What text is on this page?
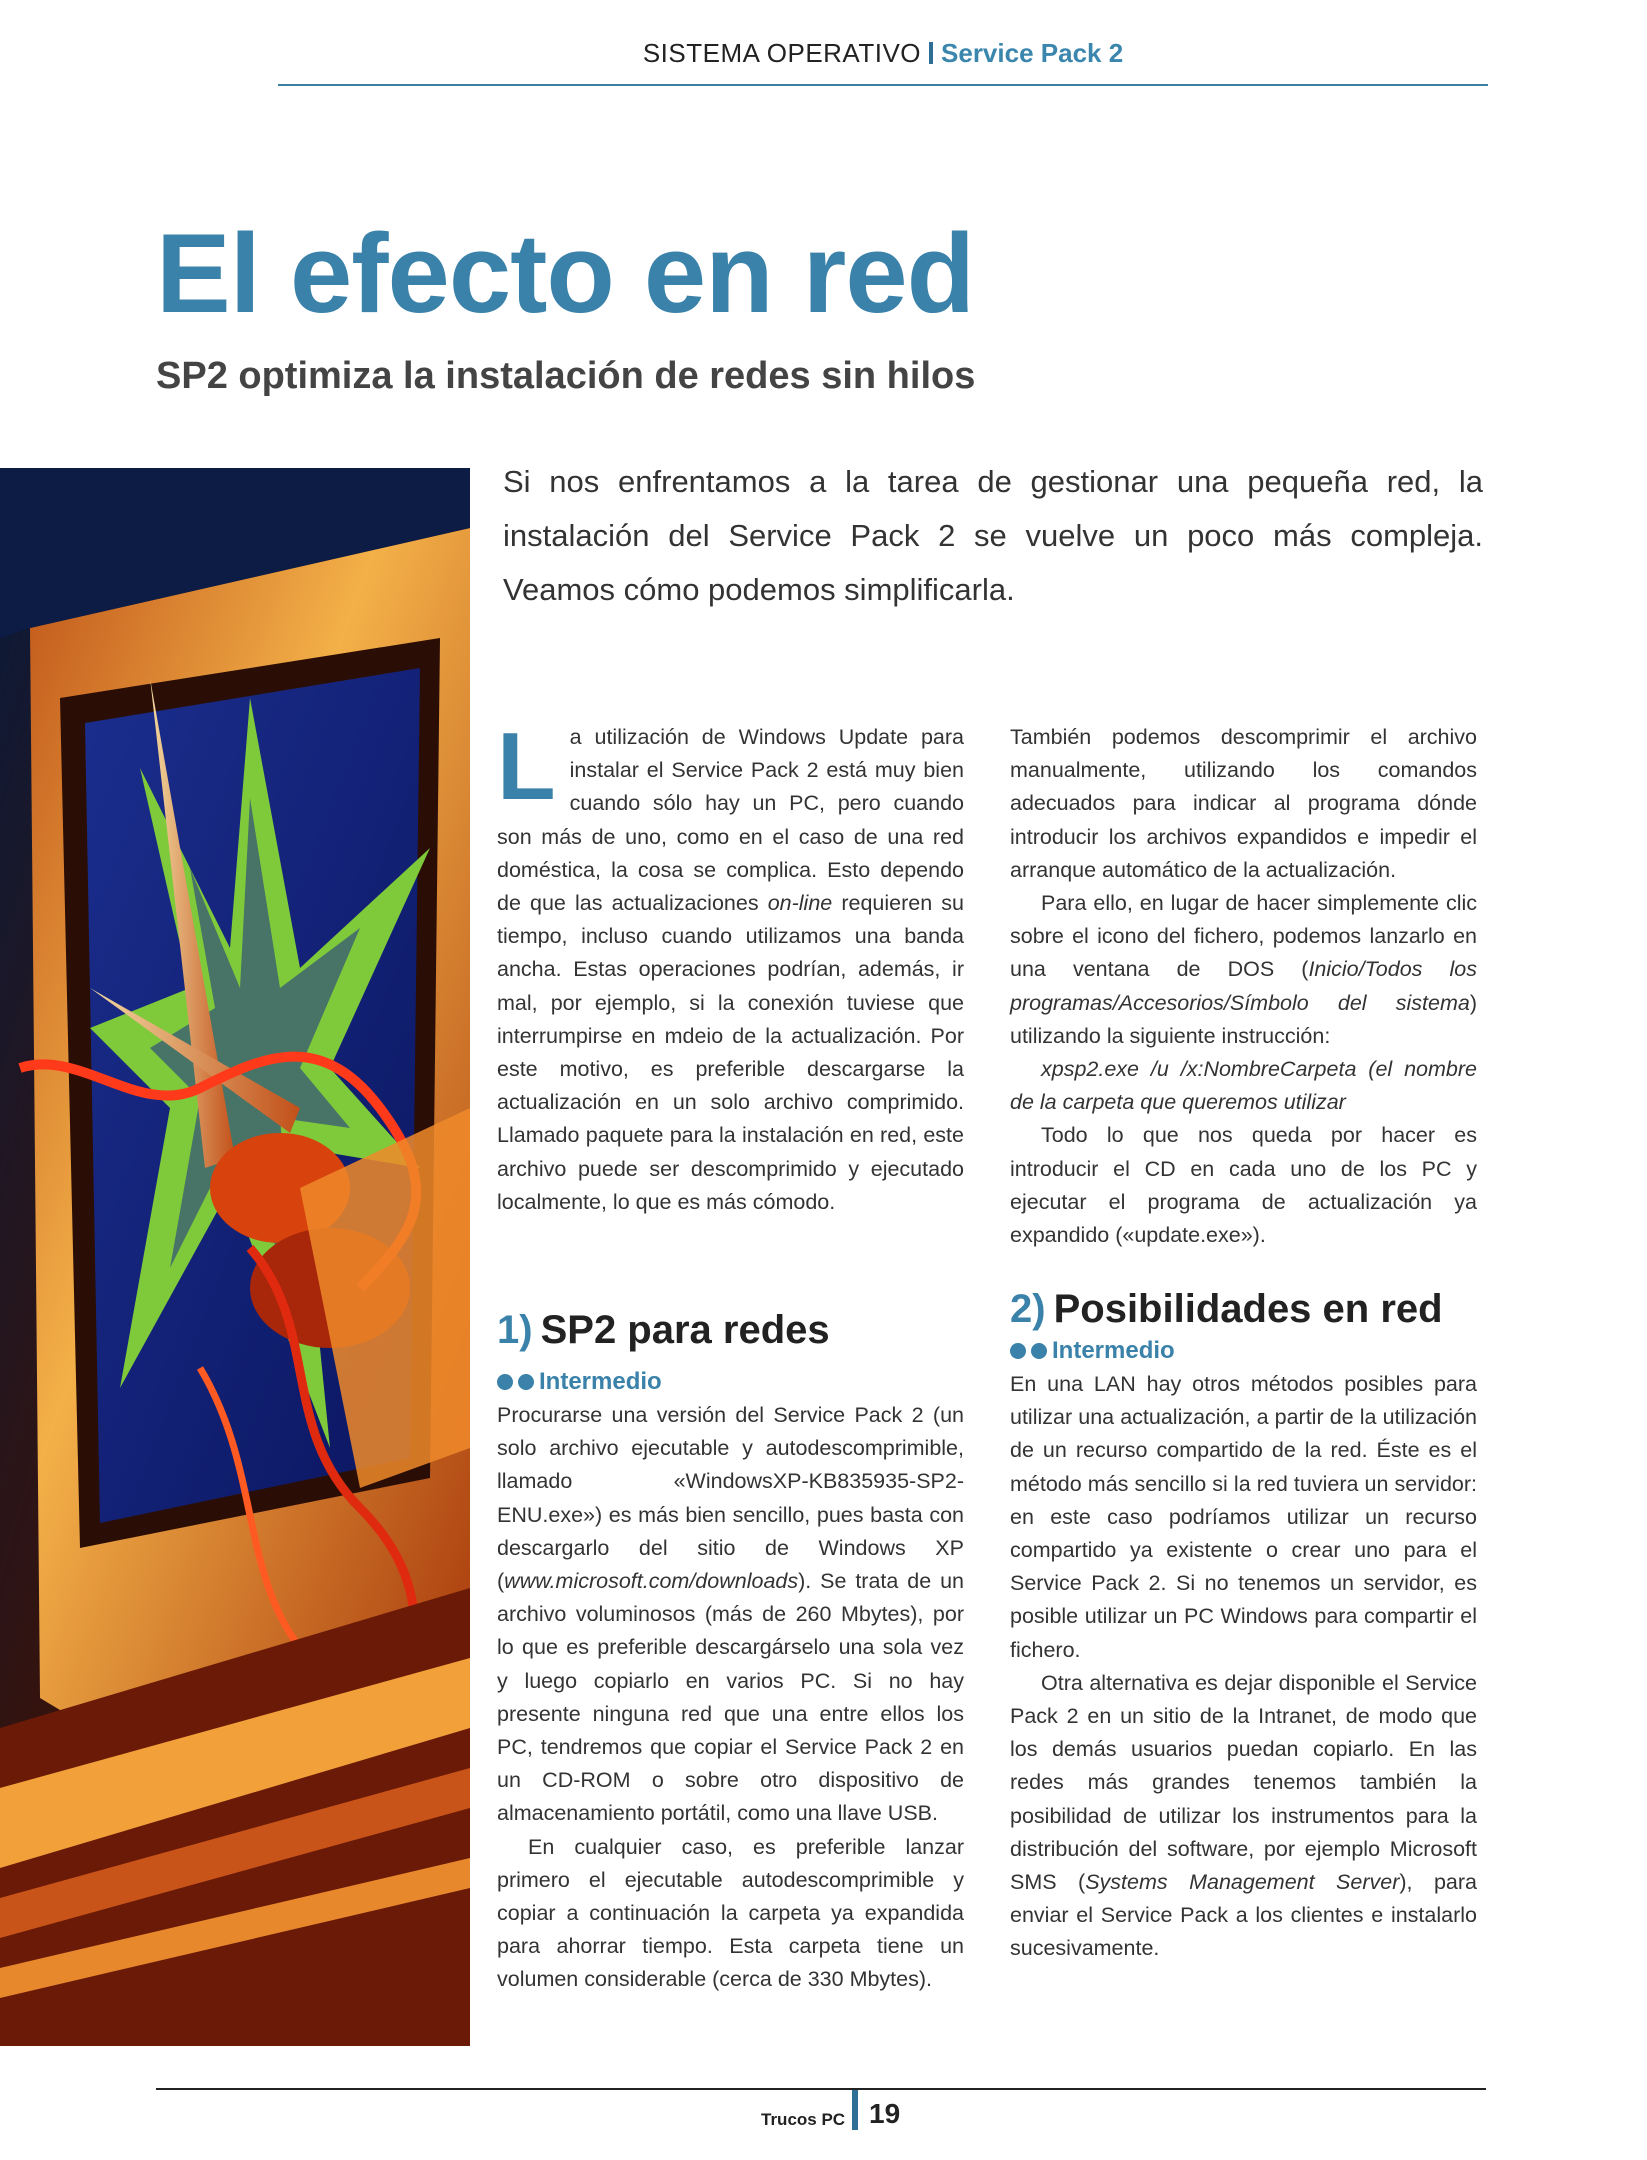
SISTEMA OPERATIVO Service Pack 2
El efecto en red
SP2 optimiza la instalación de redes sin hilos

Si nos enfrentamos a la tarea de gestionar una pequeña red, la instalación del Service Pack 2 se vuelve un poco más compleja. Veamos cómo podemos simplificarla.

La utilización de Windows Update para instalar el Service Pack 2 está muy bien cuando sólo hay un PC, pero cuando son más de uno, como en el caso de una red doméstica, la cosa se complica. Esto dependo de que las actualizaciones on-line requieren su tiempo, incluso cuando utilizamos una banda ancha. Estas operaciones podrían, además, ir mal, por ejemplo, si la conexión tuviese que interrumpirse en mdeio de la actualización. Por este motivo, es preferible descargarse la actualización en un solo archivo comprimido. Llamado paquete para la instalación en red, este archivo puede ser descomprimido y ejecutado localmente, lo que es más cómodo.

También podemos descomprimir el archivo manualmente, utilizando los comandos adecuados para indicar al programa dónde introducir los archivos expandidos e impedir el arranque automático de la actualización.

Para ello, en lugar de hacer simplemente clic sobre el icono del fichero, podemos lanzarlo en una ventana de DOS (Inicio/Todos los programas/Accesorios/Símbolo del sistema) utilizando la siguiente instrucción:

xpsp2.exe /u /x:NombreCarpeta (el nombre de la carpeta que queremos utilizar

Todo lo que nos queda por hacer es introducir el CD en cada uno de los PC y ejecutar el programa de actualización ya expandido («update.exe»).

1) SP2 para redes

Intermedio

Procurarse una versión del Service Pack 2 (un solo archivo ejecutable y autodescomprimible, llamado «WindowsXP-KB835935-SP2-ENU.exe») es más bien sencillo, pues basta con descargarlo del sitio de Windows XP (www.microsoft.com/downloads). Se trata de un archivo voluminosos (más de 260 Mbytes), por lo que es preferible descargárselo una sola vez y luego copiarlo en varios PC. Si no hay presente ninguna red que una entre ellos los PC, tendremos que copiar el Service Pack 2 en un CD-ROM o sobre otro dispositivo de almacenamiento portátil, como una llave USB.

En cualquier caso, es preferible lanzar primero el ejecutable autodescomprimible y copiar a continuación la carpeta ya expandida para ahorrar tiempo. Esta carpeta tiene un volumen considerable (cerca de 330 Mbytes).

2) Posibilidades en red

Intermedio

En una LAN hay otros métodos posibles para utilizar una actualización, a partir de la utilización de un recurso compartido de la red. Éste es el método más sencillo si la red tuviera un servidor: en este caso podríamos utilizar un recurso compartido ya existente o crear uno para el Service Pack 2. Si no tenemos un servidor, es posible utilizar un PC Windows para compartir el fichero.

Otra alternativa es dejar disponible el Service Pack 2 en un sitio de la Intranet, de modo que los demás usuarios puedan copiarlo. En las redes más grandes tenemos también la posibilidad de utilizar los instrumentos para la distribución del software, por ejemplo Microsoft SMS (Systems Management Server), para enviar el Service Pack a los clientes e instalarlo sucesivamente.

Trucos PC 19
